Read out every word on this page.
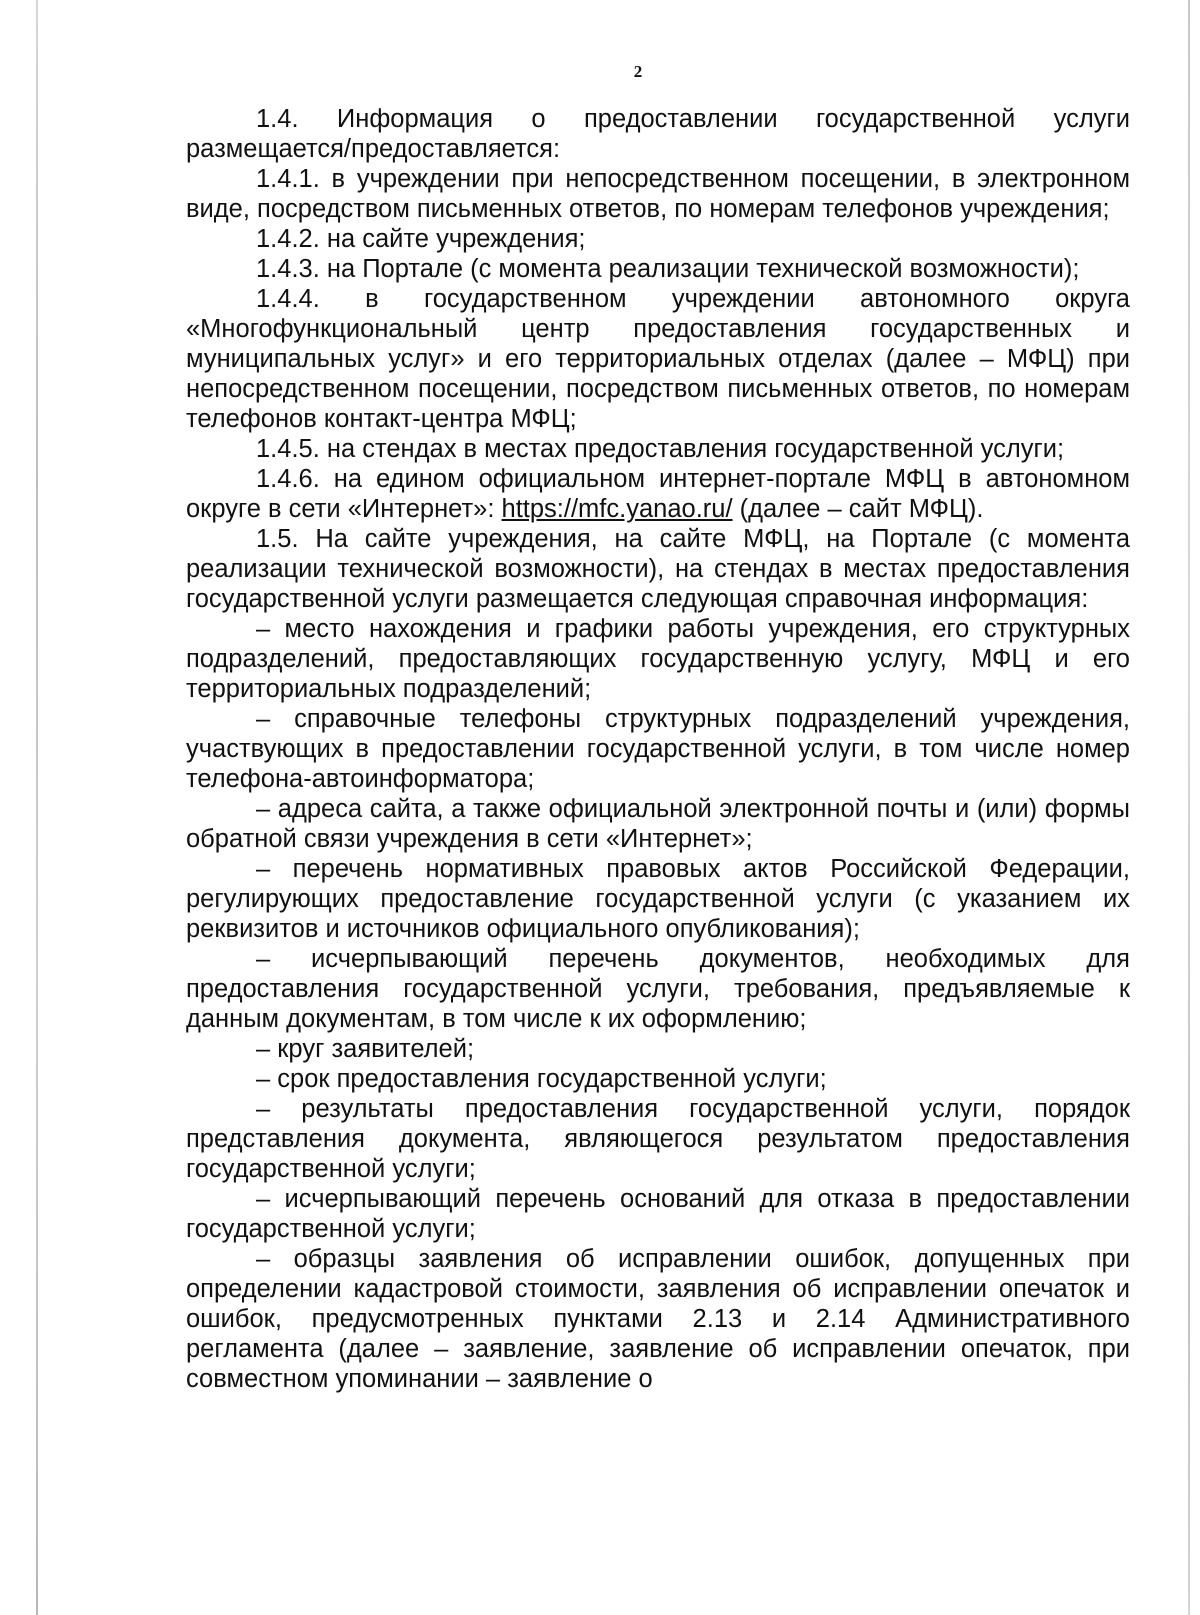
2

1.4. Информация о предоставлении государственной услуги размещается/предоставляется:

1.4.1. в учреждении при непосредственном посещении, в электронном виде, посредством письменных ответов, по номерам телефонов учреждения;

1.4.2. на сайте учреждения;

1.4.3. на Портале (с момента реализации технической возможности);

1.4.4. в государственном учреждении автономного округа «Многофункциональный центр предоставления государственных и муниципальных услуг» и его территориальных отделах (далее – МФЦ) при непосредственном посещении, посредством письменных ответов, по номерам телефонов контакт-центра МФЦ;

1.4.5. на стендах в местах предоставления государственной услуги;

1.4.6. на едином официальном интернет-портале МФЦ в автономном округе в сети «Интернет»: https://mfc.yanao.ru/ (далее – сайт МФЦ).

1.5. На сайте учреждения, на сайте МФЦ, на Портале (с момента реализации технической возможности), на стендах в местах предоставления государственной услуги размещается следующая справочная информация:

– место нахождения и графики работы учреждения, его структурных подразделений, предоставляющих государственную услугу, МФЦ и его территориальных подразделений;

– справочные телефоны структурных подразделений учреждения, участвующих в предоставлении государственной услуги, в том числе номер телефона-автоинформатора;

– адреса сайта, а также официальной электронной почты и (или) формы обратной связи учреждения в сети «Интернет»;

– перечень нормативных правовых актов Российской Федерации, регулирующих предоставление государственной услуги (с указанием их реквизитов и источников официального опубликования);

– исчерпывающий перечень документов, необходимых для предоставления государственной услуги, требования, предъявляемые к данным документам, в том числе к их оформлению;

– круг заявителей;

– срок предоставления государственной услуги;

– результаты предоставления государственной услуги, порядок представления документа, являющегося результатом предоставления государственной услуги;

– исчерпывающий перечень оснований для отказа в предоставлении государственной услуги;

– образцы заявления об исправлении ошибок, допущенных при определении кадастровой стоимости, заявления об исправлении опечаток и ошибок, предусмотренных пунктами 2.13 и 2.14 Административного регламента (далее – заявление, заявление об исправлении опечаток, при совместном упоминании – заявление о
